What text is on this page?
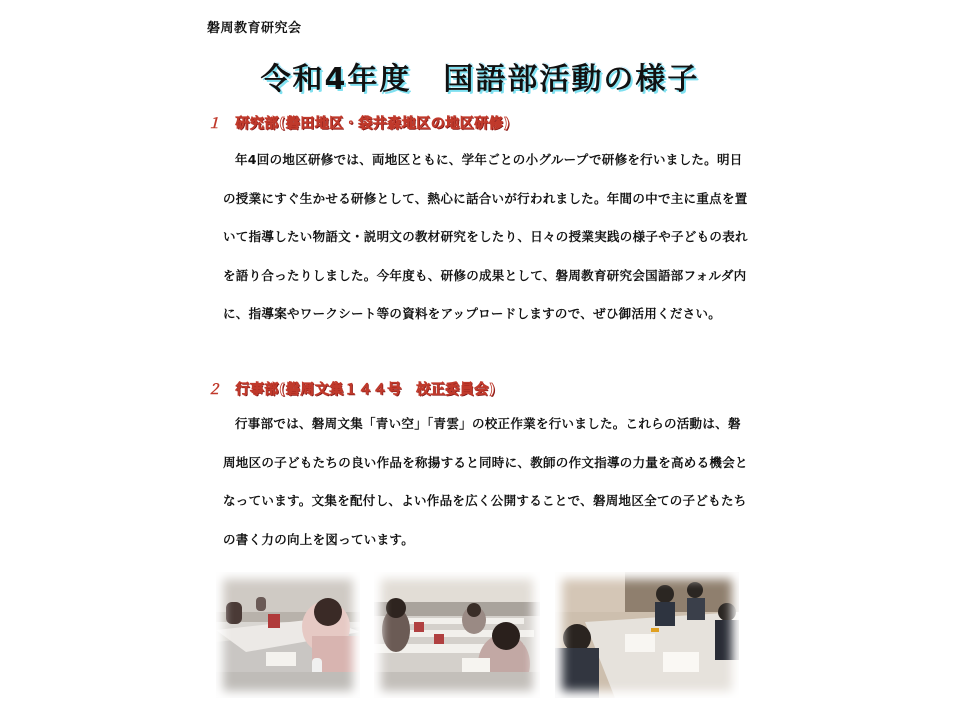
磐周教育研究会
令和4年度　国語部活動の様子
１ 研究部(磐田地区・袋井森地区の地区研修)
年4回の地区研修では、両地区ともに、学年ごとの小グループで研修を行いました。明日の授業にすぐ生かせる研修として、熱心に話合いが行われました。年間の中で主に重点を置いて指導したい物語文・説明文の教材研究をしたり、日々の授業実践の様子や子どもの表れを語り合ったりしました。今年度も、研修の成果として、磐周教育研究会国語部フォルダ内に、指導案やワークシート等の資料をアップロードしますので、ぜひ御活用ください。
２ 行事部(磐周文集１４４号　校正委員会)
行事部では、磐周文集「青い空」「青雲」の校正作業を行いました。これらの活動は、磐周地区の子どもたちの良い作品を称揚すると同時に、教師の作文指導の力量を高める機会となっています。文集を配付し、よい作品を広く公開することで、磐周地区全ての子どもたちの書く力の向上を図っています。
